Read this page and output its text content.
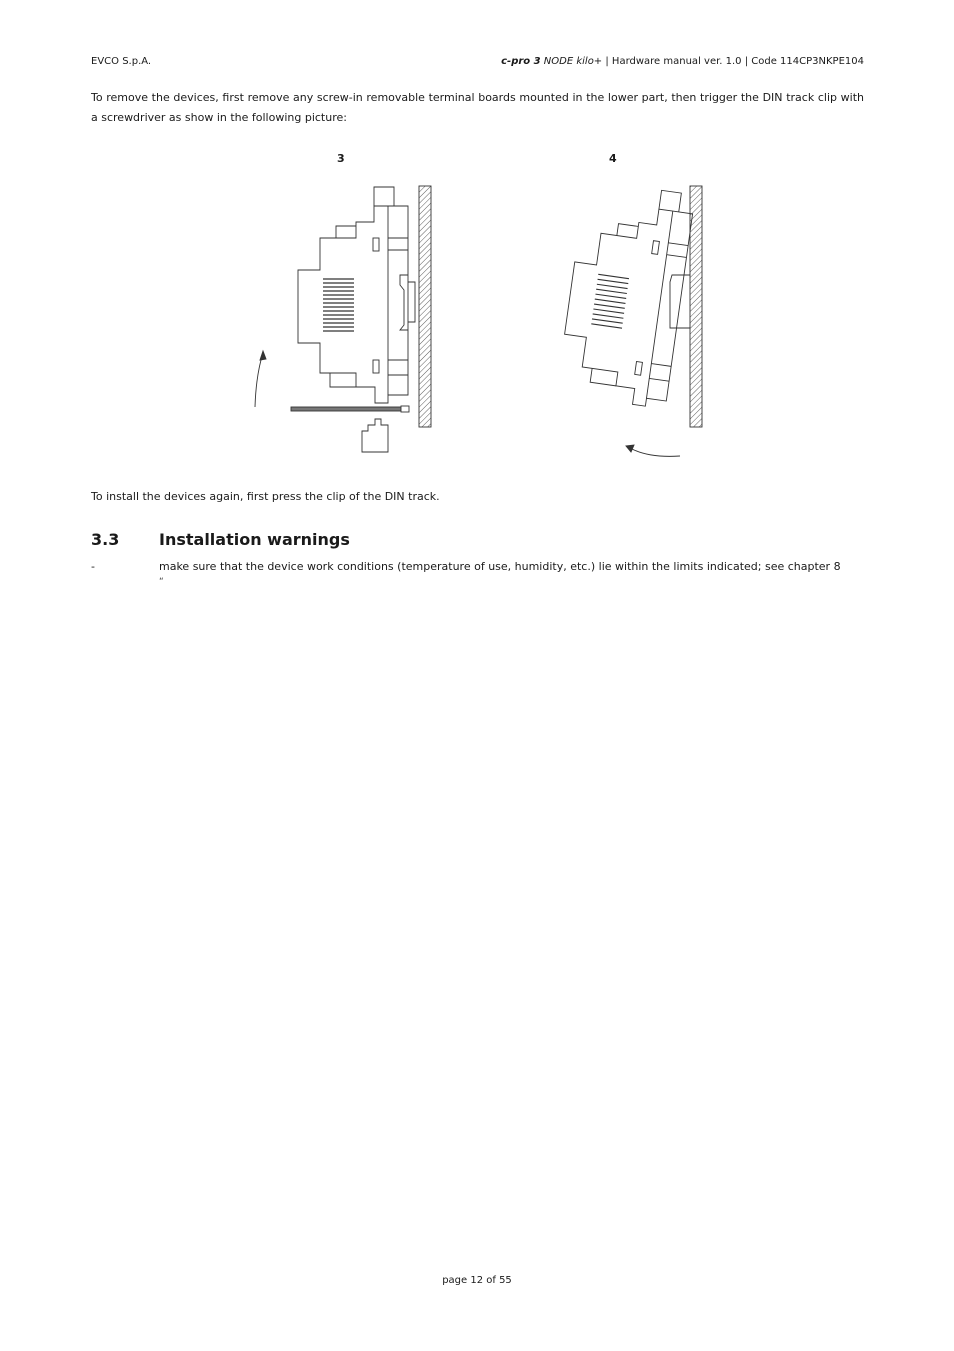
EVCO S.p.A.	c-pro 3 NODE kilo+ | Hardware manual ver. 1.0 | Code 114CP3NKPE104
To remove the devices, first remove any screw-in removable terminal boards mounted in the lower part, then trigger the DIN track clip with a screwdriver as show in the following picture:
3	4
To install the devices again, first press the clip of the DIN track.
3.3 Installation warnings
-	make sure that the device work conditions (temperature of use, humidity, etc.) lie within the limits indicated; see chapter 8
“
page 12 of 55
